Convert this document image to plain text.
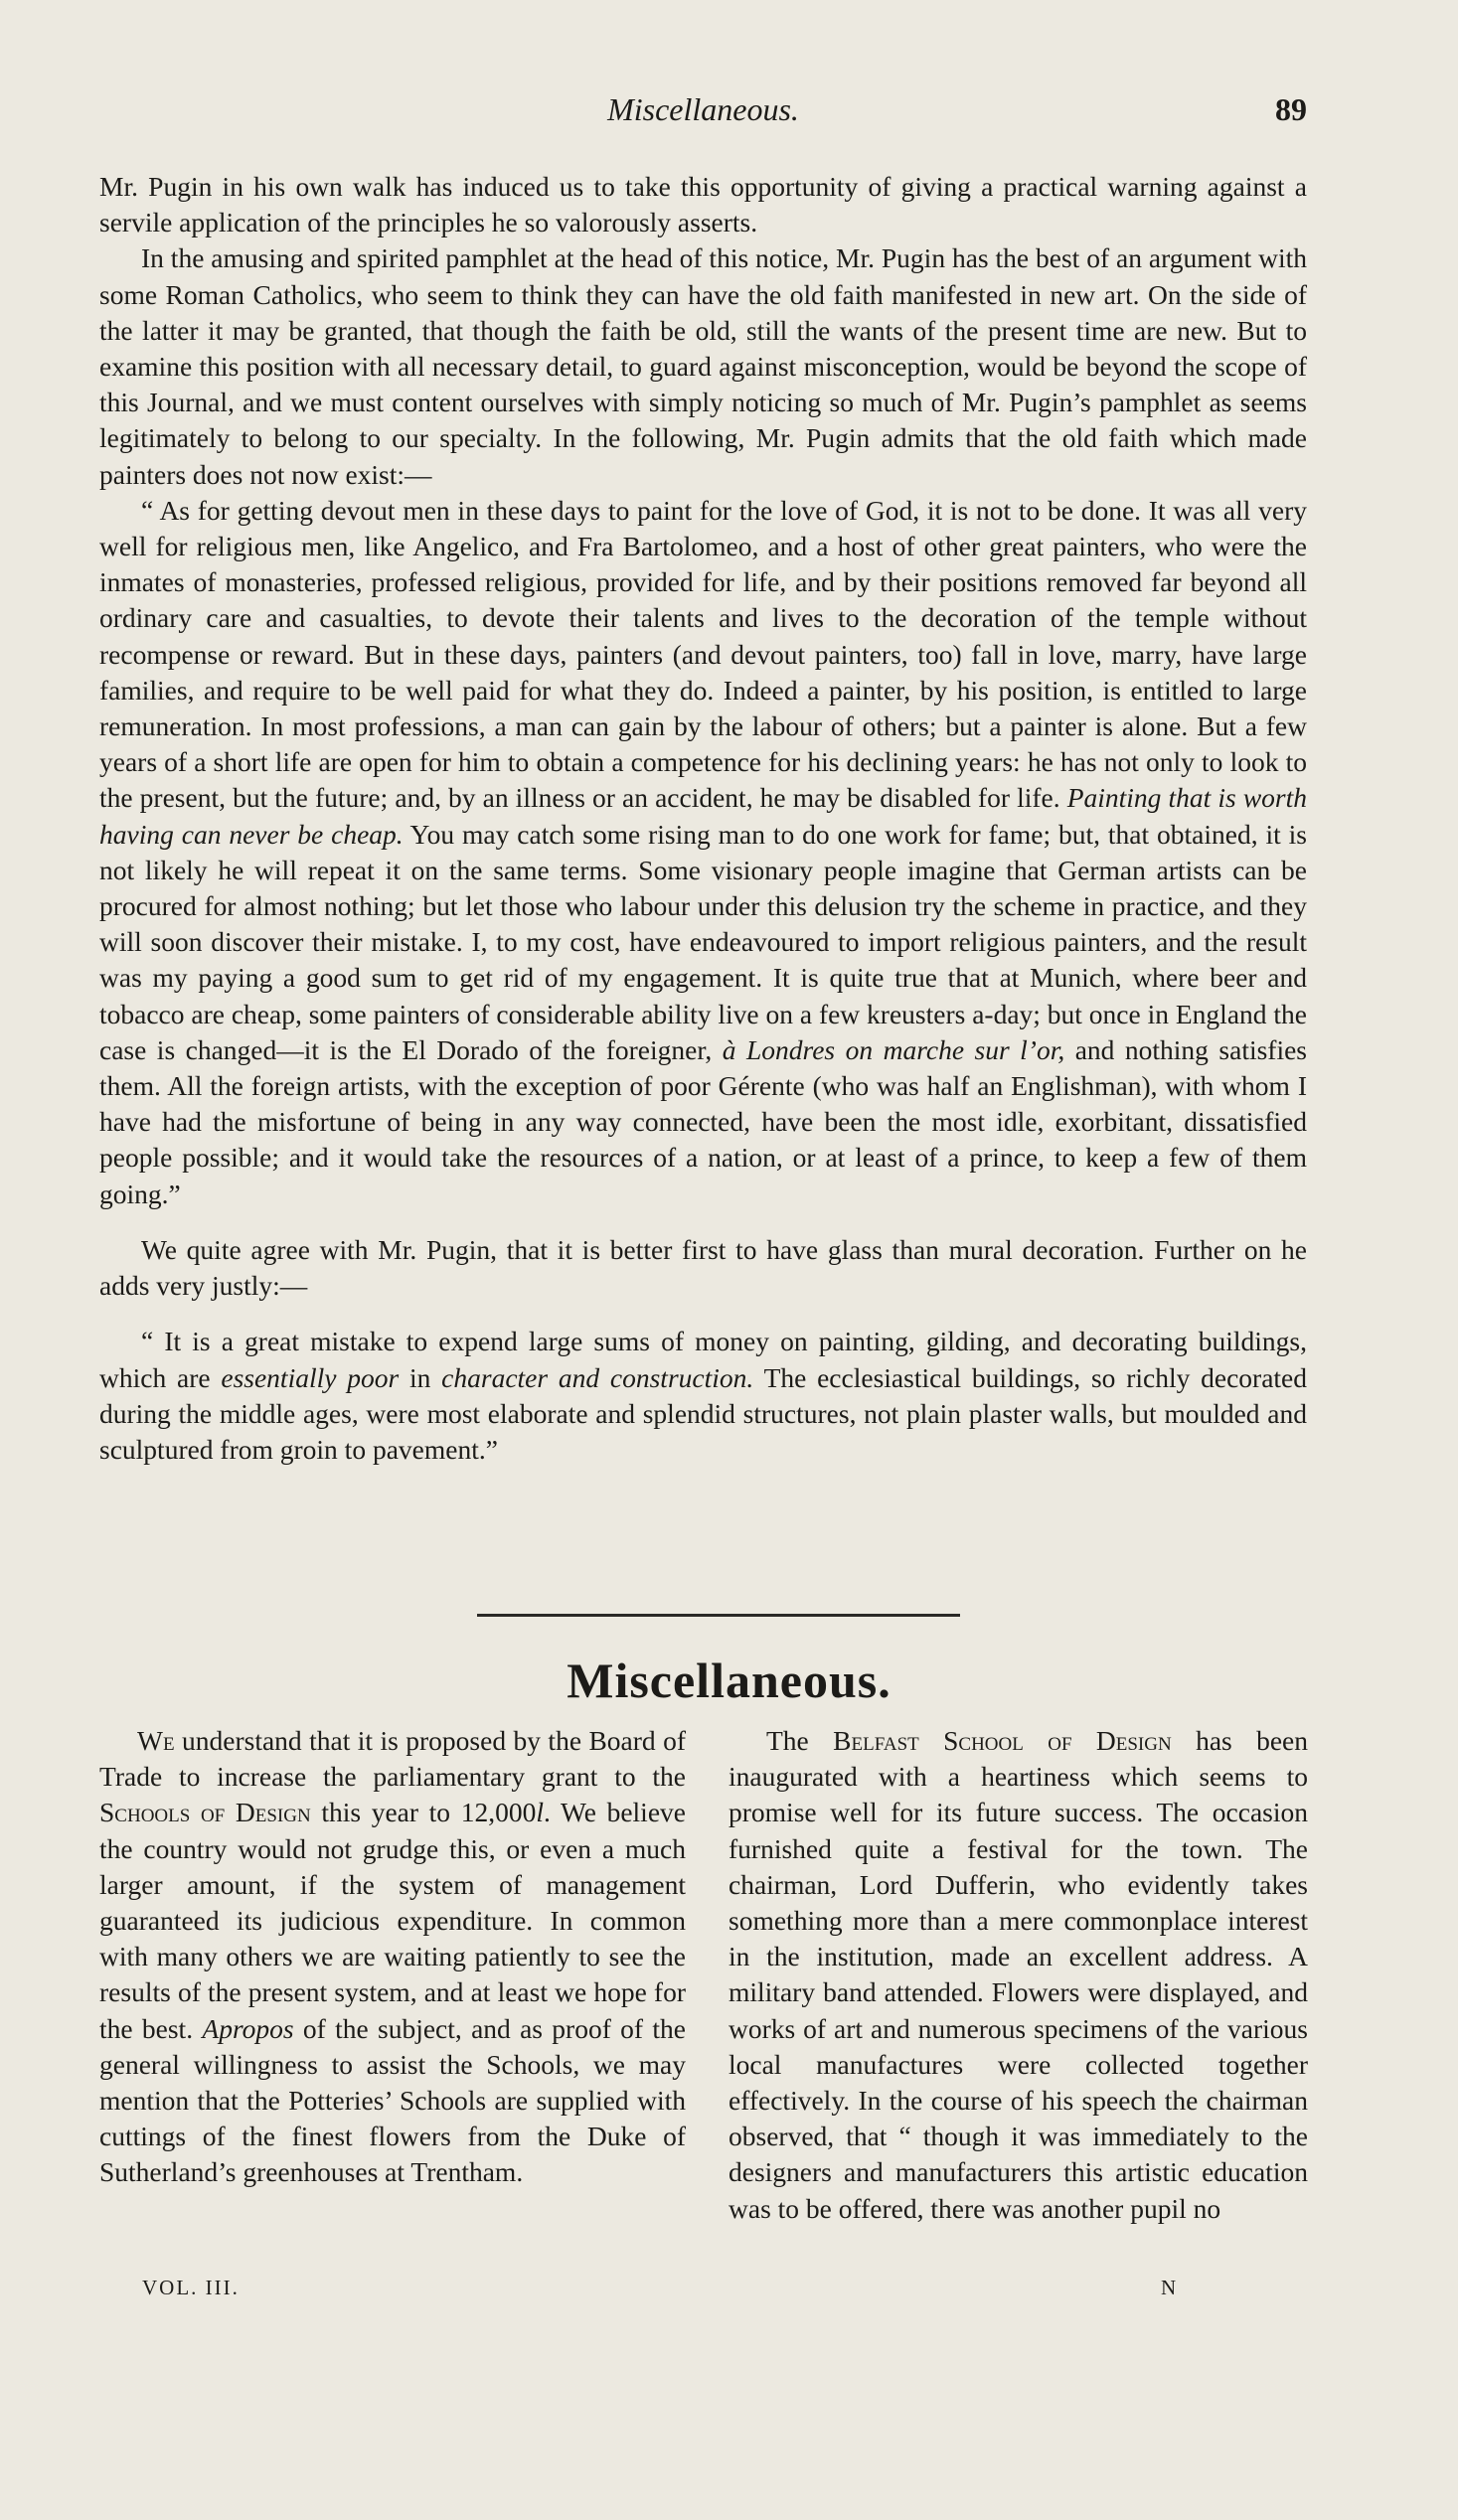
Miscellaneous.	89

Mr. Pugin in his own walk has induced us to take this opportunity of giving a practical warning against a servile application of the principles he so valorously asserts.

In the amusing and spirited pamphlet at the head of this notice, Mr. Pugin has the best of an argument with some Roman Catholics, who seem to think they can have the old faith manifested in new art. On the side of the latter it may be granted, that though the faith be old, still the wants of the present time are new. But to examine this position with all necessary detail, to guard against misconception, would be beyond the scope of this Journal, and we must content ourselves with simply noticing so much of Mr. Pugin’s pamphlet as seems legitimately to belong to our specialty. In the following, Mr. Pugin admits that the old faith which made painters does not now exist:—

“ As for getting devout men in these days to paint for the love of God, it is not to be done. It was all very well for religious men, like Angelico, and Fra Bartolomeo, and a host of other great painters, who were the inmates of monasteries, professed religious, provided for life, and by their positions removed far beyond all ordinary care and casualties, to devote their talents and lives to the decoration of the temple without recompense or reward. But in these days, painters (and devout painters, too) fall in love, marry, have large families, and require to be well paid for what they do. Indeed a painter, by his position, is entitled to large remuneration. In most professions, a man can gain by the labour of others; but a painter is alone. But a few years of a short life are open for him to obtain a competence for his declining years: he has not only to look to the present, but the future; and, by an illness or an accident, he may be disabled for life. Painting that is worth having can never be cheap. You may catch some rising man to do one work for fame; but, that obtained, it is not likely he will repeat it on the same terms. Some visionary people imagine that German artists can be procured for almost nothing; but let those who labour under this delusion try the scheme in practice, and they will soon discover their mistake. I, to my cost, have endeavoured to import religious painters, and the result was my paying a good sum to get rid of my engagement. It is quite true that at Munich, where beer and tobacco are cheap, some painters of considerable ability live on a few kreusters a-day; but once in England the case is changed—it is the El Dorado of the foreigner, à Londres on marche sur l’or, and nothing satisfies them. All the foreign artists, with the exception of poor Gérente (who was half an Englishman), with whom I have had the misfortune of being in any way connected, have been the most idle, exorbitant, dissatisfied people possible; and it would take the resources of a nation, or at least of a prince, to keep a few of them going.”

We quite agree with Mr. Pugin, that it is better first to have glass than mural decoration. Further on he adds very justly:—

“ It is a great mistake to expend large sums of money on painting, gilding, and decorating buildings, which are essentially poor in character and construction. The ecclesiastical buildings, so richly decorated during the middle ages, were most elaborate and splendid structures, not plain plaster walls, but moulded and sculptured from groin to pavement.”

Miscellaneous.

We understand that it is proposed by the Board of Trade to increase the parliamentary grant to the Schools of Design this year to 12,000l. We believe the country would not grudge this, or even a much larger amount, if the system of management guaranteed its judicious expenditure. In common with many others we are waiting patiently to see the results of the present system, and at least we hope for the best. Apropos of the subject, and as proof of the general willingness to assist the Schools, we may mention that the Potteries’ Schools are supplied with cuttings of the finest flowers from the Duke of Sutherland’s greenhouses at Trentham.

The Belfast School of Design has been inaugurated with a heartiness which seems to promise well for its future success. The occasion furnished quite a festival for the town. The chairman, Lord Dufferin, who evidently takes something more than a mere commonplace interest in the institution, made an excellent address. A military band attended. Flowers were displayed, and works of art and numerous specimens of the various local manufactures were collected together effectively. In the course of his speech the chairman observed, that “ though it was immediately to the designers and manufacturers this artistic education was to be offered, there was another pupil no

VOL. III.	N
